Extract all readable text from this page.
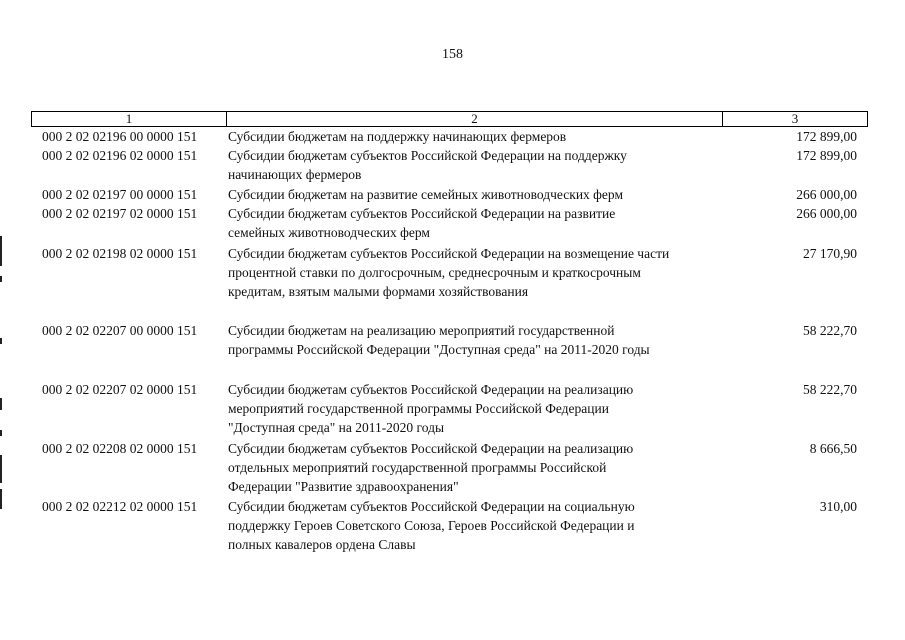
158
1	2	3
000 2 02 02196 00 0000 151 Субсидии бюджетам на поддержку начинающих фермеров	172 899,00
000 2 02 02196 02 0000 151 Субсидии бюджетам субъектов Российской Федерации на поддержку
начинающих фермеров
172 899,00
000 2 02 02197 00 0000 151 Субсидии бюджетам на развитие семейных животноводческих ферм	266 000,00
000 2 02 02197 02 0000 151 Субсидии бюджетам субъектов Российской Федерации на развитие
семейных животноводческих ферм
266 000,00
000 2 02 02198 02 0000 151 Субсидии бюджетам субъектов Российской Федерации на возмещение части
процентной ставки по долгосрочным, среднесрочным и краткосрочным
кредитам, взятым малыми формами хозяйствования
27 170,90
000 2 02 02207 00 0000 151 Субсидии бюджетам на реализацию мероприятий государственной
программы Российской Федерации "Доступная среда" на 2011-2020 годы
58 222,70
000 2 02 02207 02 0000 151 Субсидии бюджетам субъектов Российской Федерации на реализацию
мероприятий государственной программы Российской Федерации
"Доступная среда" на 2011-2020 годы
58 222,70
000 2 02 02208 02 0000 151 Субсидии бюджетам субъектов Российской Федерации на реализацию
отдельных мероприятий государственной программы Российской
Федерации "Развитие здравоохранения"
8 666,50
000 2 02 02212 02 0000 151 Субсидии бюджетам субъектов Российской Федерации на социальную
поддержку Героев Советского Союза, Героев Российской Федерации и
полных кавалеров ордена Славы
310,00
